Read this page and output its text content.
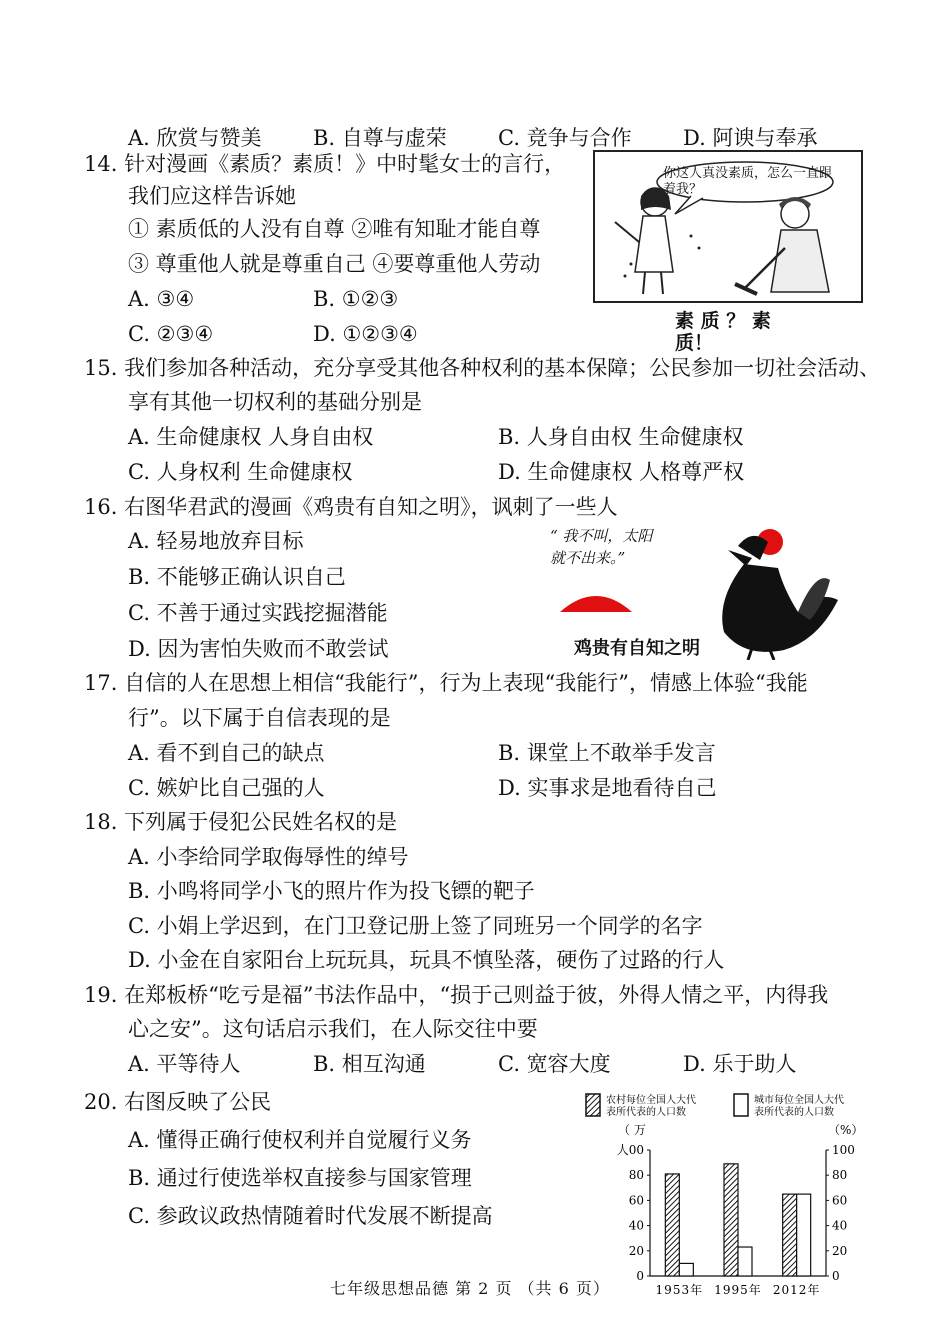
A. 欣赏与赞美 B. 自尊与虚荣 C. 竞争与合作 D. 阿谀与奉承
14. 针对漫画《素质？素质！》中时髦女士的言行，
我们应这样告诉她
① 素质低的人没有自尊 ②唯有知耻才能自尊
③ 尊重他人就是尊重自己 ④要尊重他人劳动
A. ③④	B. ①②③
C. ②③④	D. ①②③④
你这人真没素质，怎么一直跟着我？
素 质 ？ 素 质！
15. 我们参加各种活动，充分享受其他各种权利的基本保障；公民参加一切社会活动、
享有其他一切权利的基础分别是
A. 生命健康权 人身自由权	B. 人身自由权 生命健康权
C. 人身权利 生命健康权	D. 生命健康权 人格尊严权
16. 右图华君武的漫画《鸡贵有自知之明》，讽刺了一些人
A. 轻易地放弃目标
B. 不能够正确认识自己
C. 不善于通过实践挖掘潜能
D. 因为害怕失败而不敢尝试
“ 我不叫，太阳
就不出来。”
鸡贵有自知之明
17. 自信的人在思想上相信“我能行”，行为上表现“我能行”，情感上体验“我能
行”。以下属于自信表现的是
A. 看不到自己的缺点	B. 课堂上不敢举手发言
C. 嫉妒比自己强的人	D. 实事求是地看待自己
18. 下列属于侵犯公民姓名权的是
A. 小李给同学取侮辱性的绰号
B. 小鸣将同学小飞的照片作为投飞镖的靶子
C. 小娟上学迟到，在门卫登记册上签了同班另一个同学的名字
D. 小金在自家阳台上玩玩具，玩具不慎坠落，硬伤了过路的行人
19. 在郑板桥“吃亏是福”书法作品中，“损于己则益于彼，外得人情之平，内得我
心之安”。这句话启示我们，在人际交往中要
A. 平等待人	B. 相互沟通	C. 宽容大度	D. 乐于助人
20. 右图反映了公民
A. 懂得正确行使权利并自觉履行义务
B. 通过行使选举权直接参与国家管理
C. 参政议政热情随着时代发展不断提高
农村每位全国人大代
表所代表的人口数
城市每位全国人大代
表所代表的人口数
（ 万	（%）
0	0
20	20
40	40
60	60
80	80
人00	100
1953年 1995年 2012年
七年级思想品德 第 2 页 （共 6 页）
